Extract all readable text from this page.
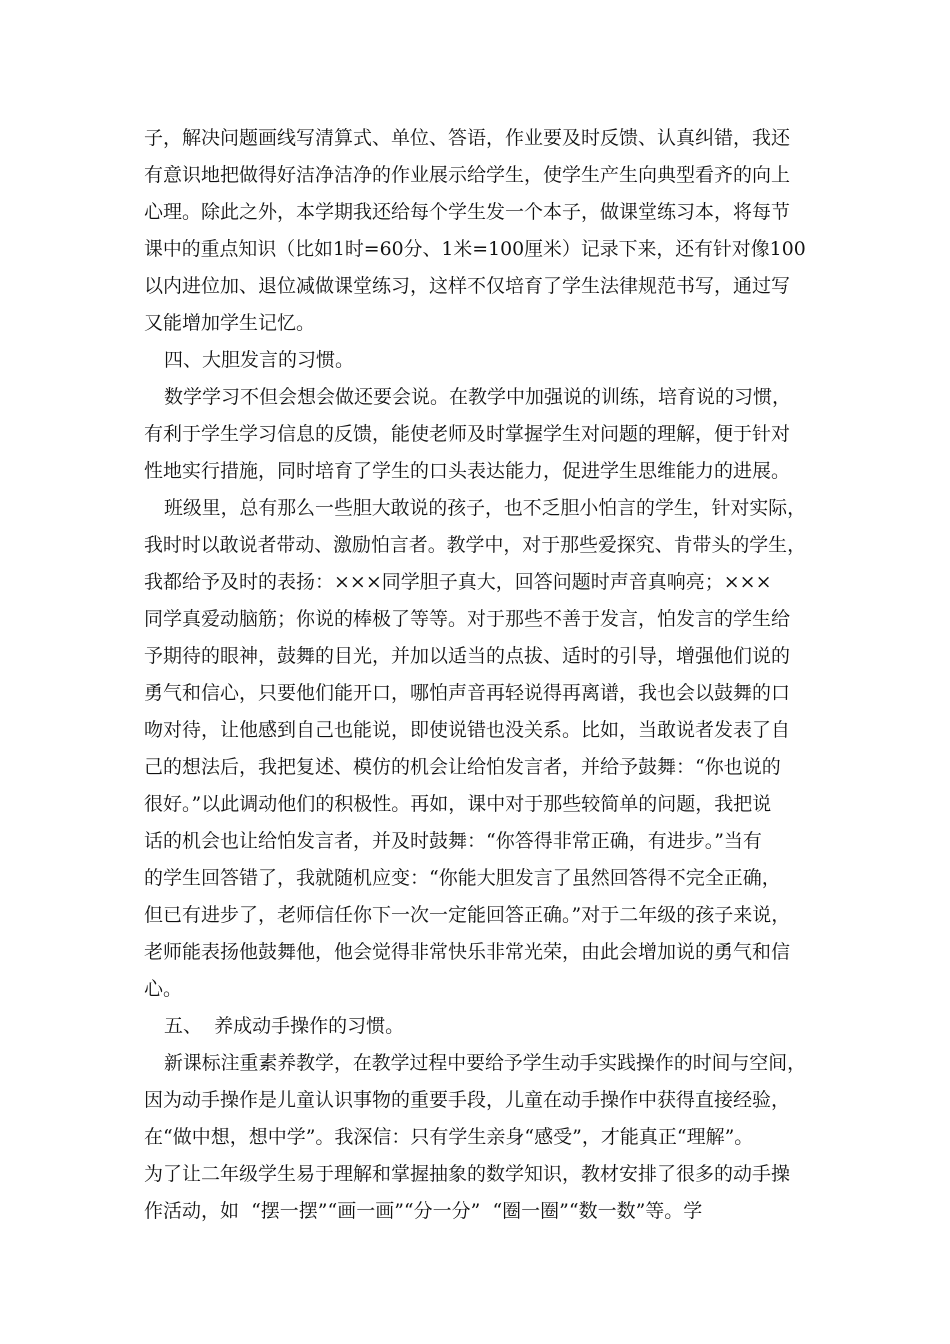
子，解决问题画线写清算式、单位、答语，作业要及时反馈、认真纠错，我还
有意识地把做得好洁净洁净的作业展示给学生，使学生产生向典型看齐的向上
心理。除此之外，本学期我还给每个学生发一个本子，做课堂练习本，将每节
课中的重点知识（比如1时=60分、1米=100厘米）记录下来，还有针对像100
以内进位加、退位减做课堂练习，这样不仅培育了学生法律规范书写，通过写
又能增加学生记忆。
四、大胆发言的习惯。
数学学习不但会想会做还要会说。在教学中加强说的训练，培育说的习惯，
有利于学生学习信息的反馈，能使老师及时掌握学生对问题的理解，便于针对
性地实行措施，同时培育了学生的口头表达能力，促进学生思维能力的进展。
班级里，总有那么一些胆大敢说的孩子，也不乏胆小怕言的学生，针对实际，
我时时以敢说者带动、激励怕言者。教学中，对于那些爱探究、肯带头的学生，
我都给予及时的表扬：×××同学胆子真大，回答问题时声音真响亮；×××
同学真爱动脑筋；你说的棒极了等等。对于那些不善于发言，怕发言的学生给
予期待的眼神，鼓舞的目光，并加以适当的点拔、适时的引导，增强他们说的
勇气和信心，只要他们能开口，哪怕声音再轻说得再离谱，我也会以鼓舞的口
吻对待，让他感到自己也能说，即使说错也没关系。比如，当敢说者发表了自
己的想法后，我把复述、模仿的机会让给怕发言者，并给予鼓舞：“你也说的
很好。”以此调动他们的积极性。再如，课中对于那些较简单的问题，我把说
话的机会也让给怕发言者，并及时鼓舞：“你答得非常正确，有进步。”当有
的学生回答错了，我就随机应变：“你能大胆发言了虽然回答得不完全正确，
但已有进步了，老师信任你下一次一定能回答正确。”对于二年级的孩子来说，
老师能表扬他鼓舞他，他会觉得非常快乐非常光荣，由此会增加说的勇气和信
心。
五、  养成动手操作的习惯。
新课标注重素养教学，在教学过程中要给予学生动手实践操作的时间与空间，
因为动手操作是儿童认识事物的重要手段，儿童在动手操作中获得直接经验，
在“做中想，想中学”。我深信：只有学生亲身“感受”，才能真正“理解”。
为了让二年级学生易于理解和掌握抽象的数学知识，教材安排了很多的动手操
作活动，如  “摆一摆”“画一画”“分一分”  “圈一圈”“数一数”等。学
